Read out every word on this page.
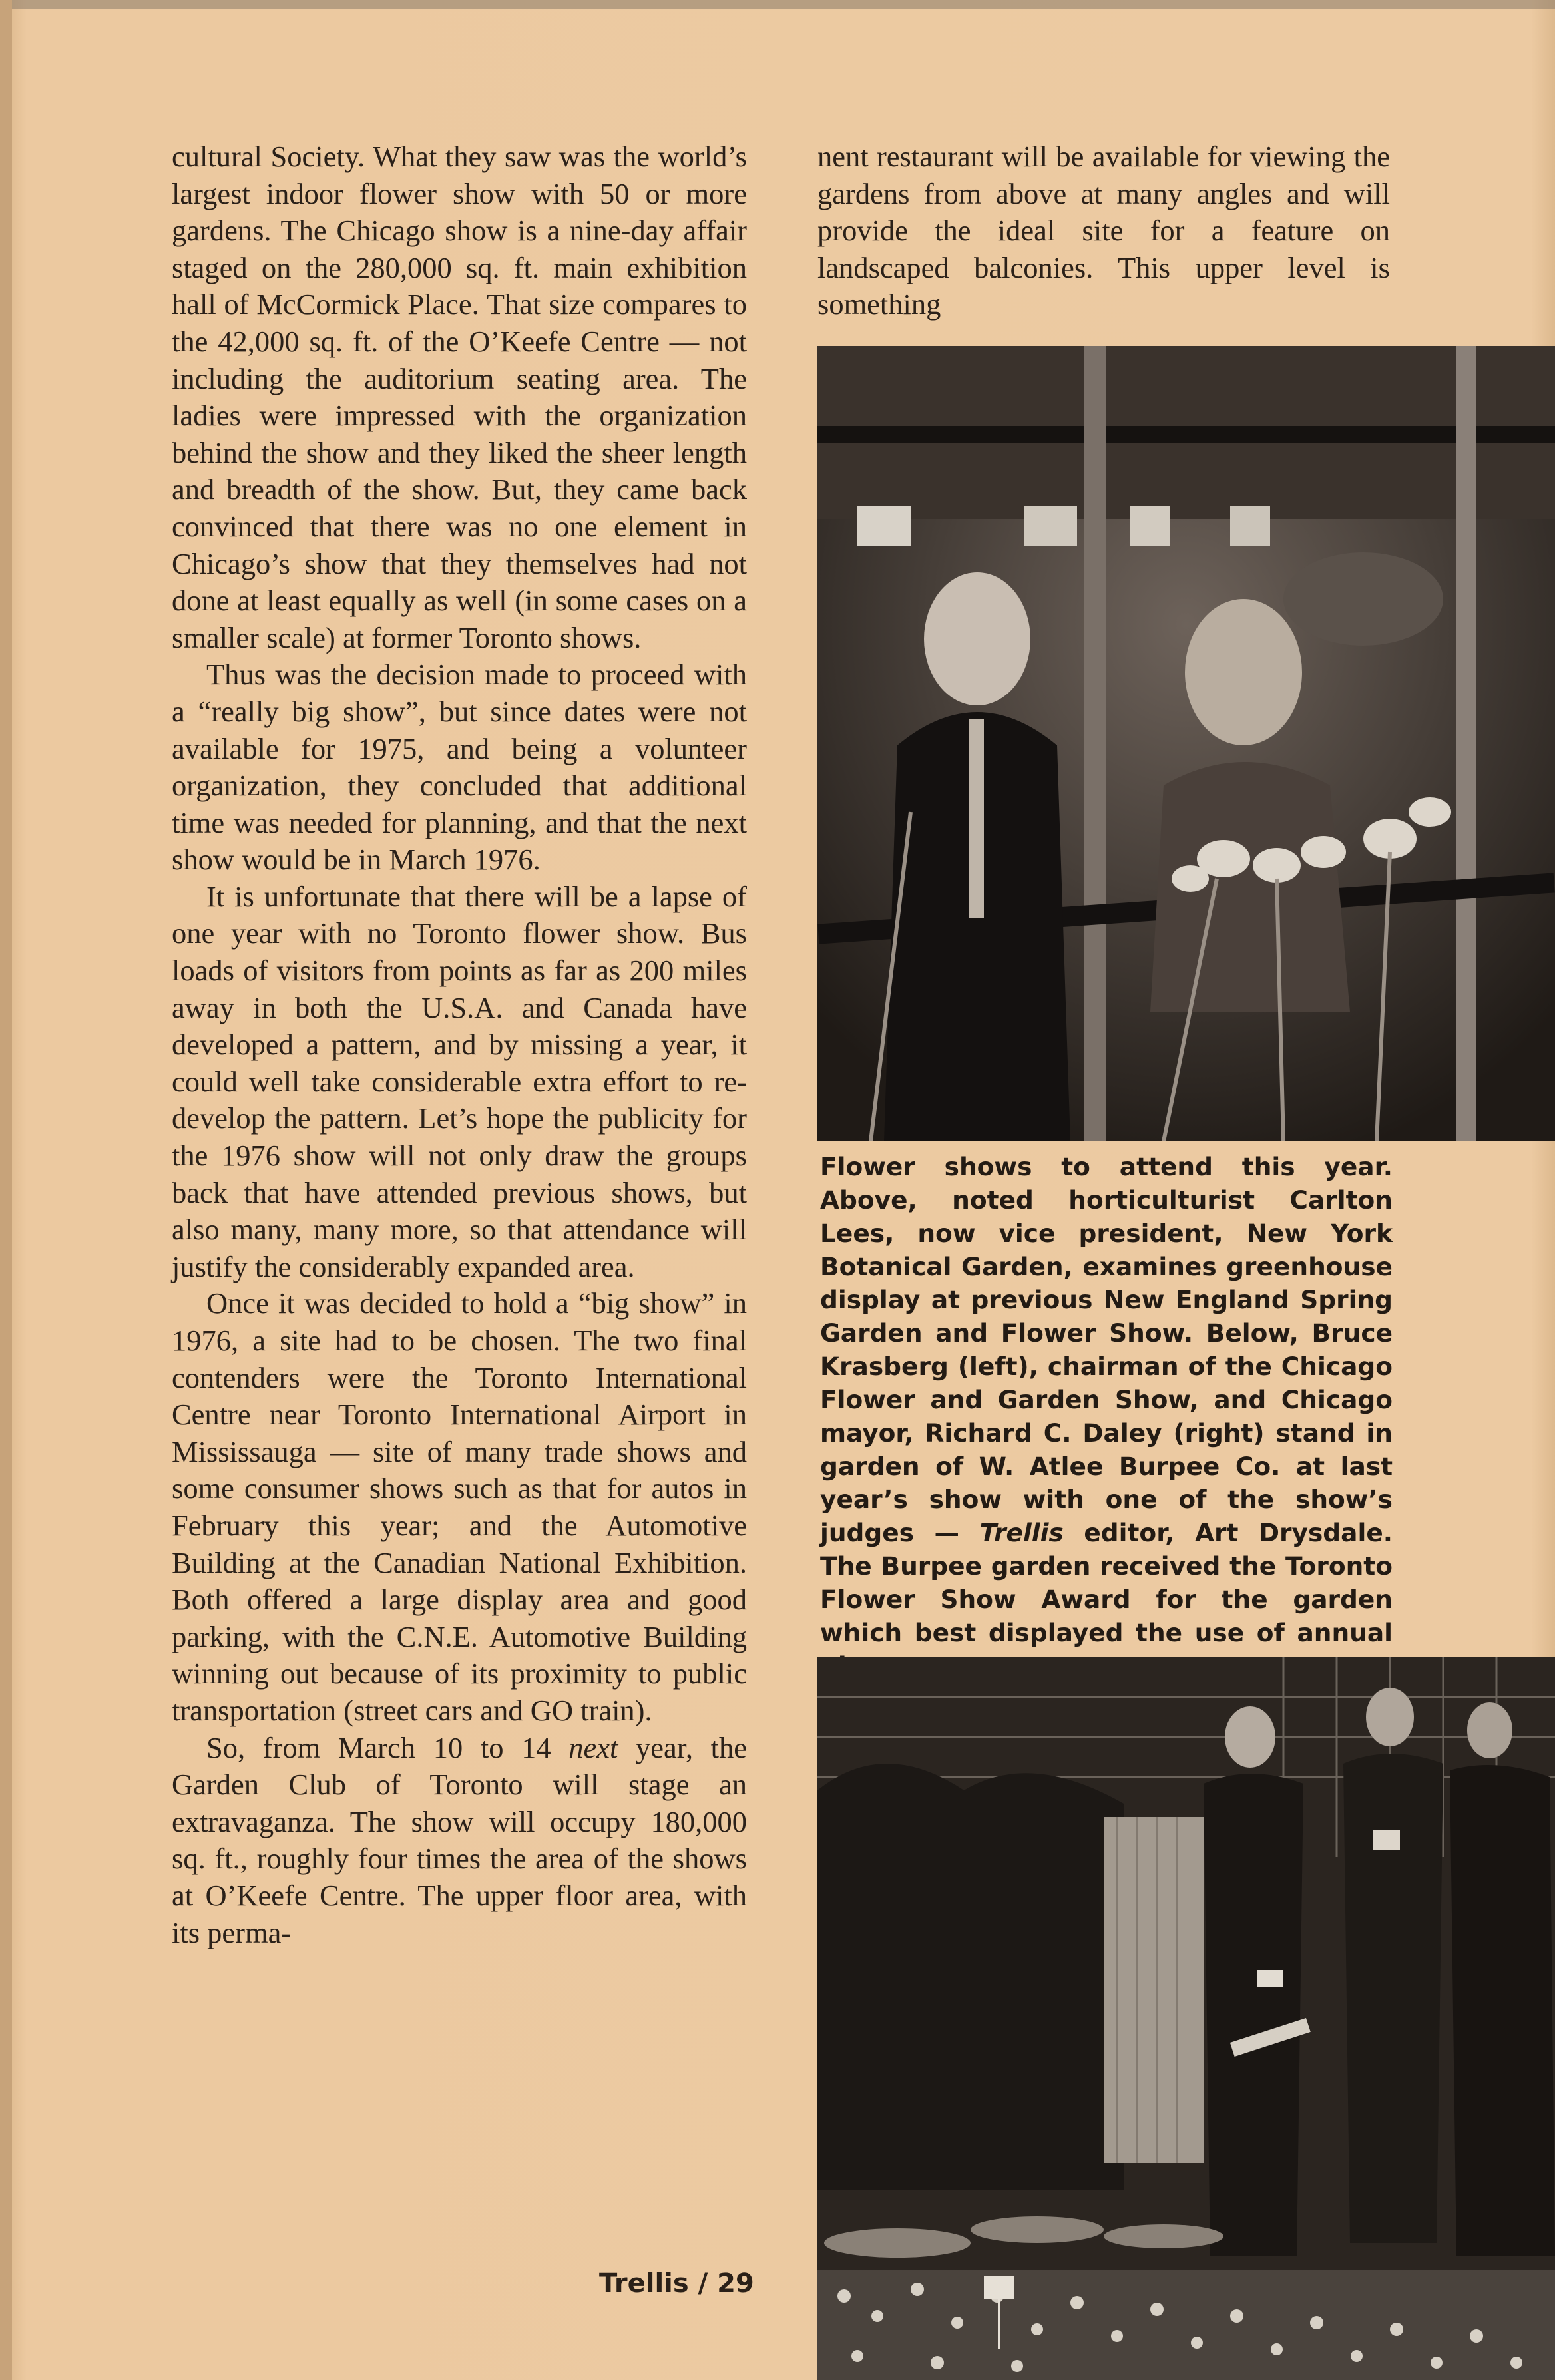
cultural Society. What they saw was the world’s largest indoor flower show with 50 or more gardens. The Chicago show is a nine-day affair staged on the 280,000 sq. ft. main exhibition hall of McCormick Place. That size compares to the 42,000 sq. ft. of the O’Keefe Centre — not including the auditorium seating area. The ladies were impressed with the organization behind the show and they liked the sheer length and breadth of the show. But, they came back convinced that there was no one element in Chicago’s show that they themselves had not done at least equally as well (in some cases on a smaller scale) at former Toronto shows.

Thus was the decision made to proceed with a “really big show”, but since dates were not available for 1975, and being a volunteer organization, they concluded that additional time was needed for planning, and that the next show would be in March 1976.

It is unfortunate that there will be a lapse of one year with no Toronto flower show. Bus loads of visitors from points as far as 200 miles away in both the U.S.A. and Canada have developed a pattern, and by missing a year, it could well take considerable extra effort to re-develop the pattern. Let’s hope the publicity for the 1976 show will not only draw the groups back that have attended previous shows, but also many, many more, so that attendance will justify the considerably expanded area.

Once it was decided to hold a “big show” in 1976, a site had to be chosen. The two final contenders were the Toronto International Centre near Toronto International Airport in Mississauga — site of many trade shows and some consumer shows such as that for autos in February this year; and the Automotive Building at the Canadian National Exhibition. Both offered a large display area and good parking, with the C.N.E. Automotive Building winning out because of its proximity to public transportation (street cars and GO train).

So, from March 10 to 14 next year, the Garden Club of Toronto will stage an extravaganza. The show will occupy 180,000 sq. ft., roughly four times the area of the shows at O’Keefe Centre. The upper floor area, with its perma-

nent restaurant will be available for viewing the gardens from above at many angles and will provide the ideal site for a feature on landscaped balconies. This upper level is something

Flower shows to attend this year. Above, noted horticulturist Carlton Lees, now vice president, New York Botanical Garden, examines greenhouse display at previous New England Spring Garden and Flower Show. Below, Bruce Krasberg (left), chairman of the Chicago Flower and Garden Show, and Chicago mayor, Richard C. Daley (right) stand in garden of W. Atlee Burpee Co. at last year’s show with one of the show’s judges — Trellis editor, Art Drysdale. The Burpee garden received the Toronto Flower Show Award for the garden which best displayed the use of annual

Trellis / 29
